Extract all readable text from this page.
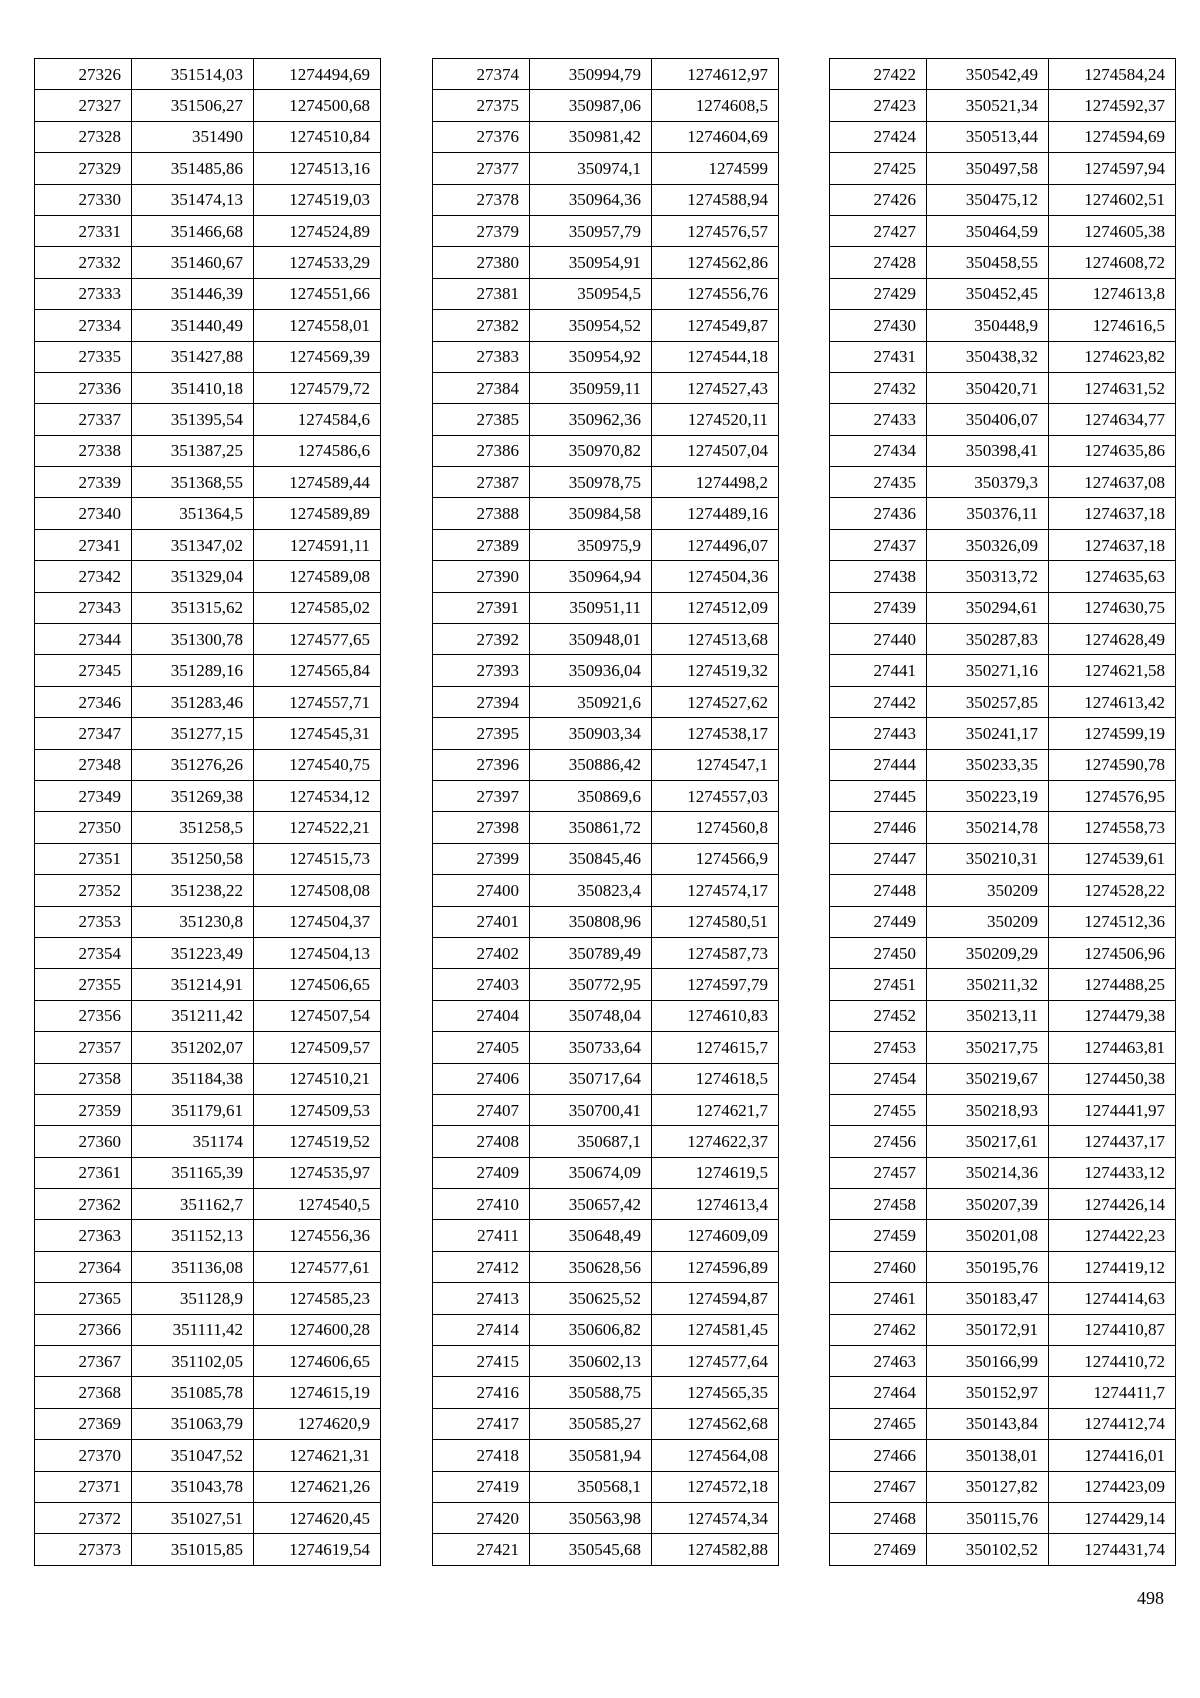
27326	351514,03	1274494,69
27327	351506,27	1274500,68
27328	351490	1274510,84
27329	351485,86	1274513,16
27330	351474,13	1274519,03
27331	351466,68	1274524,89
27332	351460,67	1274533,29
27333	351446,39	1274551,66
27334	351440,49	1274558,01
27335	351427,88	1274569,39
27336	351410,18	1274579,72
27337	351395,54	1274584,6
27338	351387,25	1274586,6
27339	351368,55	1274589,44
27340	351364,5	1274589,89
27341	351347,02	1274591,11
27342	351329,04	1274589,08
27343	351315,62	1274585,02
27344	351300,78	1274577,65
27345	351289,16	1274565,84
27346	351283,46	1274557,71
27347	351277,15	1274545,31
27348	351276,26	1274540,75
27349	351269,38	1274534,12
27350	351258,5	1274522,21
27351	351250,58	1274515,73
27352	351238,22	1274508,08
27353	351230,8	1274504,37
27354	351223,49	1274504,13
27355	351214,91	1274506,65
27356	351211,42	1274507,54
27357	351202,07	1274509,57
27358	351184,38	1274510,21
27359	351179,61	1274509,53
27360	351174	1274519,52
27361	351165,39	1274535,97
27362	351162,7	1274540,5
27363	351152,13	1274556,36
27364	351136,08	1274577,61
27365	351128,9	1274585,23
27366	351111,42	1274600,28
27367	351102,05	1274606,65
27368	351085,78	1274615,19
27369	351063,79	1274620,9
27370	351047,52	1274621,31
27371	351043,78	1274621,26
27372	351027,51	1274620,45
27373	351015,85	1274619,54
27374	350994,79	1274612,97
27375	350987,06	1274608,5
27376	350981,42	1274604,69
27377	350974,1	1274599
27378	350964,36	1274588,94
27379	350957,79	1274576,57
27380	350954,91	1274562,86
27381	350954,5	1274556,76
27382	350954,52	1274549,87
27383	350954,92	1274544,18
27384	350959,11	1274527,43
27385	350962,36	1274520,11
27386	350970,82	1274507,04
27387	350978,75	1274498,2
27388	350984,58	1274489,16
27389	350975,9	1274496,07
27390	350964,94	1274504,36
27391	350951,11	1274512,09
27392	350948,01	1274513,68
27393	350936,04	1274519,32
27394	350921,6	1274527,62
27395	350903,34	1274538,17
27396	350886,42	1274547,1
27397	350869,6	1274557,03
27398	350861,72	1274560,8
27399	350845,46	1274566,9
27400	350823,4	1274574,17
27401	350808,96	1274580,51
27402	350789,49	1274587,73
27403	350772,95	1274597,79
27404	350748,04	1274610,83
27405	350733,64	1274615,7
27406	350717,64	1274618,5
27407	350700,41	1274621,7
27408	350687,1	1274622,37
27409	350674,09	1274619,5
27410	350657,42	1274613,4
27411	350648,49	1274609,09
27412	350628,56	1274596,89
27413	350625,52	1274594,87
27414	350606,82	1274581,45
27415	350602,13	1274577,64
27416	350588,75	1274565,35
27417	350585,27	1274562,68
27418	350581,94	1274564,08
27419	350568,1	1274572,18
27420	350563,98	1274574,34
27421	350545,68	1274582,88
27422	350542,49	1274584,24
27423	350521,34	1274592,37
27424	350513,44	1274594,69
27425	350497,58	1274597,94
27426	350475,12	1274602,51
27427	350464,59	1274605,38
27428	350458,55	1274608,72
27429	350452,45	1274613,8
27430	350448,9	1274616,5
27431	350438,32	1274623,82
27432	350420,71	1274631,52
27433	350406,07	1274634,77
27434	350398,41	1274635,86
27435	350379,3	1274637,08
27436	350376,11	1274637,18
27437	350326,09	1274637,18
27438	350313,72	1274635,63
27439	350294,61	1274630,75
27440	350287,83	1274628,49
27441	350271,16	1274621,58
27442	350257,85	1274613,42
27443	350241,17	1274599,19
27444	350233,35	1274590,78
27445	350223,19	1274576,95
27446	350214,78	1274558,73
27447	350210,31	1274539,61
27448	350209	1274528,22
27449	350209	1274512,36
27450	350209,29	1274506,96
27451	350211,32	1274488,25
27452	350213,11	1274479,38
27453	350217,75	1274463,81
27454	350219,67	1274450,38
27455	350218,93	1274441,97
27456	350217,61	1274437,17
27457	350214,36	1274433,12
27458	350207,39	1274426,14
27459	350201,08	1274422,23
27460	350195,76	1274419,12
27461	350183,47	1274414,63
27462	350172,91	1274410,87
27463	350166,99	1274410,72
27464	350152,97	1274411,7
27465	350143,84	1274412,74
27466	350138,01	1274416,01
27467	350127,82	1274423,09
27468	350115,76	1274429,14
27469	350102,52	1274431,74
498
